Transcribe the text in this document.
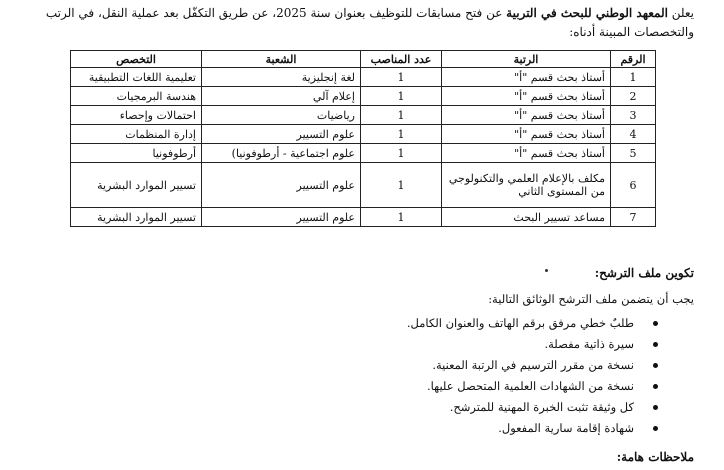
يعلن المعهد الوطني للبحث في التربية عن فتح مسابقات للتوظيف بعنوان سنة 2025، عن طريق التكفّل بعد عملية النقل، في الرتب
والتخصصات المبينة أدناه:

الرقم	الرتبة	عدد المناصب	الشعبة	التخصص
1	أستاذ بحث قسم "أ"	1	لغة إنجليزية	تعليمية اللغات التطبيقية
2	أستاذ بحث قسم "أ"	1	إعلام آلي	هندسة البرمجيات
3	أستاذ بحث قسم "أ"	1	رياضيات	احتمالات وإحصاء
4	أستاذ بحث قسم "أ"	1	علوم التسيير	إدارة المنظمات
5	أستاذ بحث قسم "أ"	1	علوم اجتماعية - أرطوفونيا)	أرطوفونيا
6	مكلف بالإعلام العلمي والتكنولوجي من المستوى الثاني	1	علوم التسيير	تسيير الموارد البشرية
7	مساعد تسيير البحث	1	علوم التسيير	تسيير الموارد البشرية

تكوين ملف الترشح:

يجب أن يتضمن ملف الترشح الوثائق التالية:

طلبٌ خطي مرفق برقم الهاتف والعنوان الكامل.
سيرة ذاتية مفصلة.
نسخة من مقرر الترسيم في الرتبة المعنية.
نسخة من الشهادات العلمية المتحصل عليها.
كل وثيقة تثبت الخبرة المهنية للمترشح.
شهادة إقامة سارية المفعول.

ملاحظات هامة:
